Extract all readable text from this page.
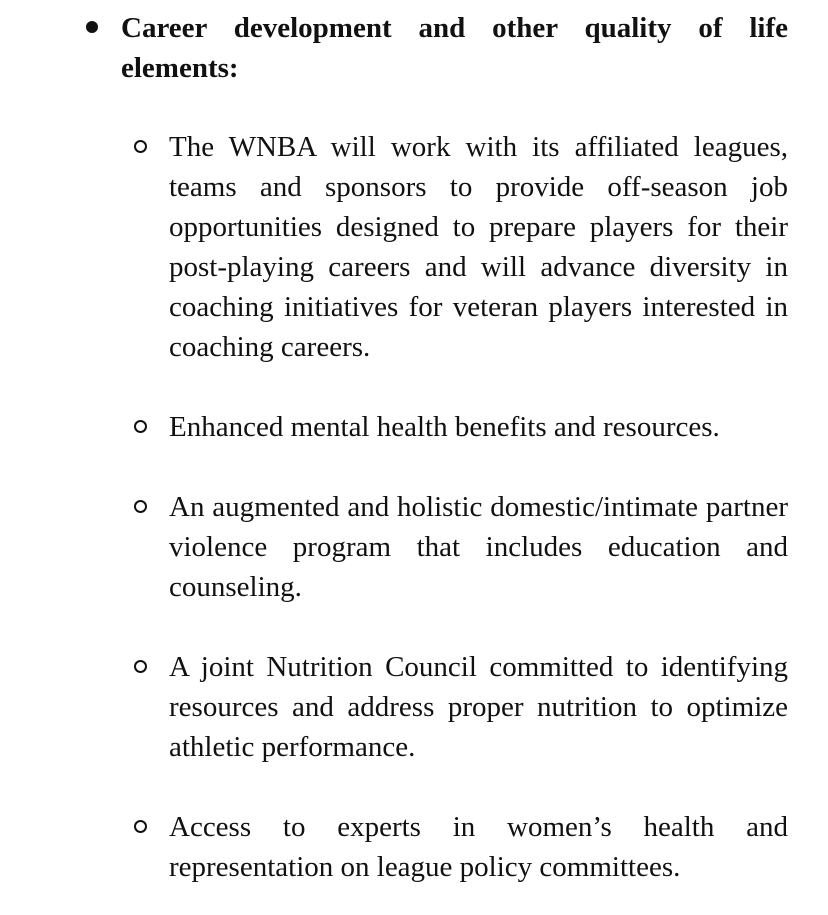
Career development and other quality of life elements:

The WNBA will work with its affiliated leagues, teams and sponsors to provide off-season job opportunities designed to prepare players for their post-playing careers and will advance diversity in coaching initiatives for veteran players interested in coaching careers.

Enhanced mental health benefits and resources.

An augmented and holistic domestic/intimate partner violence program that includes education and counseling.

A joint Nutrition Council committed to identifying resources and address proper nutrition to optimize athletic performance.

Access to experts in women’s health and representation on league policy committees.
